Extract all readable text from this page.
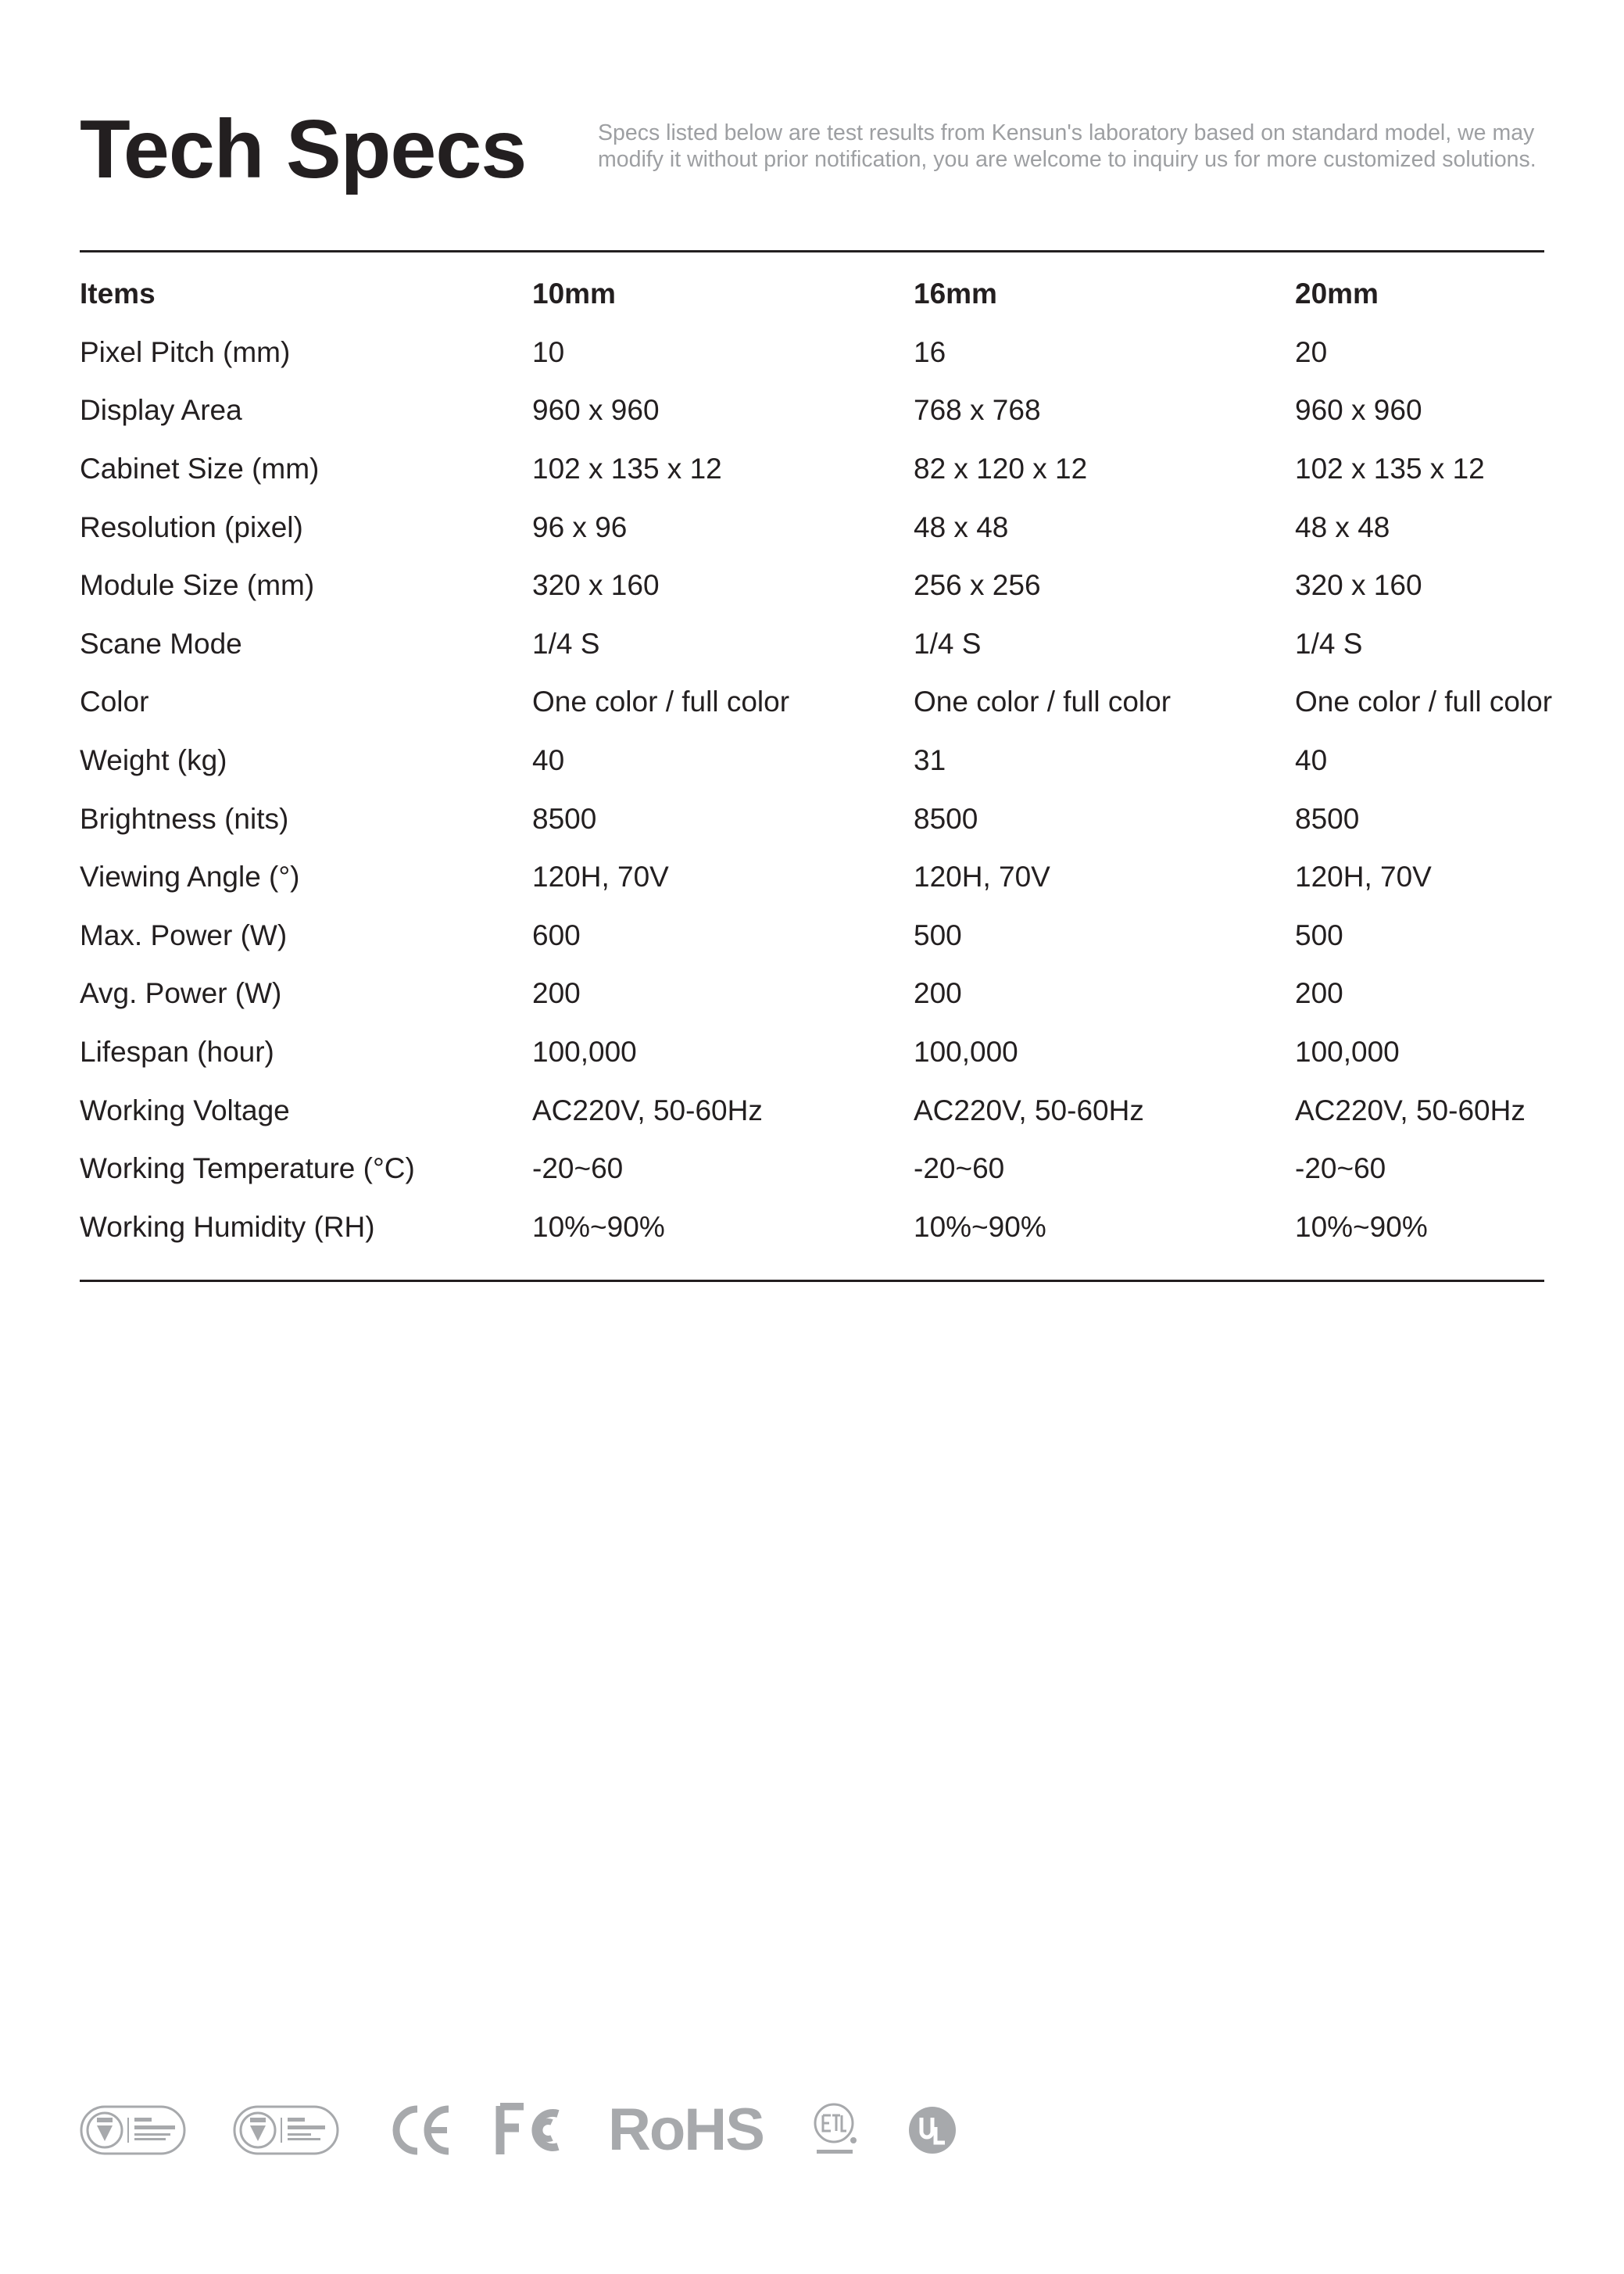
Tech Specs	Specs listed below are test results from Kensun's laboratory based on standard model, we may modify it without prior notification, you are welcome to inquiry us for more customized solutions.

Items	10mm	16mm	20mm
Pixel Pitch (mm)	10	16	20
Display Area	960 x 960	768 x 768	960 x 960
Cabinet Size (mm)	102 x 135 x 12	82 x 120 x 12	102 x 135 x 12
Resolution (pixel)	96 x 96	48 x 48	48 x 48
Module Size (mm)	320 x 160	256 x 256	320 x 160
Scane Mode	1/4 S	1/4 S	1/4 S
Color	One color / full color	One color / full color	One color / full color
Weight (kg)	40	31	40
Brightness (nits)	8500	8500	8500
Viewing Angle (°)	120H, 70V	120H, 70V	120H, 70V
Max. Power (W)	600	500	500
Avg. Power (W)	200	200	200
Lifespan (hour)	100,000	100,000	100,000
Working Voltage	AC220V, 50-60Hz	AC220V, 50-60Hz	AC220V, 50-60Hz
Working Temperature (°C)	-20~60	-20~60	-20~60
Working Humidity (RH)	10%~90%	10%~90%	10%~90%
RoHS
